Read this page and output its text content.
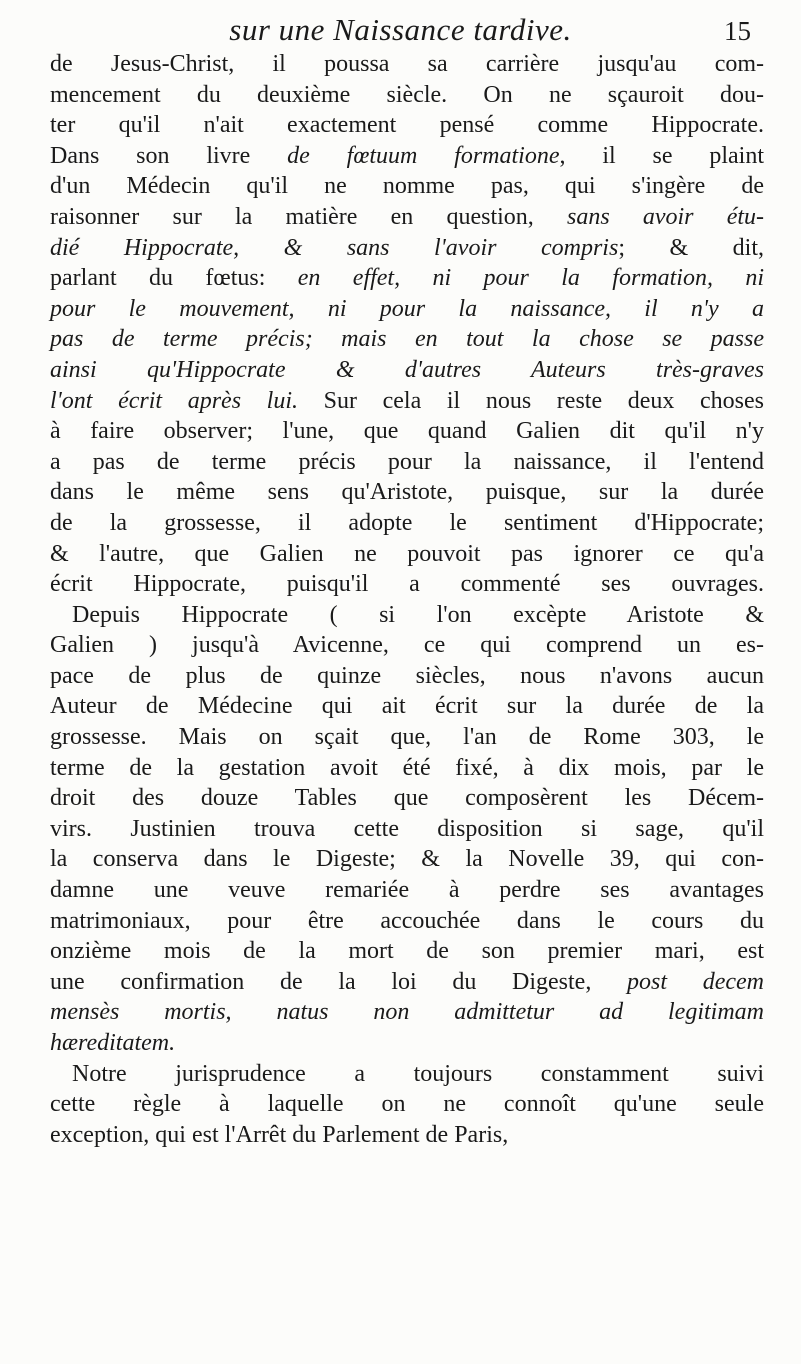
sur une Naissance tardive.	15
de Jesus-Christ, il poussa sa carrière jusqu'au com-
mencement du deuxième siècle. On ne sçauroit dou-
ter qu'il n'ait exactement pensé comme Hippocrate.
Dans son livre de fœtuum formatione, il se plaint
d'un Médecin qu'il ne nomme pas, qui s'ingère de
raisonner sur la matière en question, sans avoir étu-
dié Hippocrate, & sans l'avoir compris; & dit,
parlant du fœtus: en effet, ni pour la formation, ni
pour le mouvement, ni pour la naissance, il n'y a
pas de terme précis; mais en tout la chose se passe
ainsi qu'Hippocrate & d'autres Auteurs très-graves
l'ont écrit après lui. Sur cela il nous reste deux choses
à faire observer; l'une, que quand Galien dit qu'il n'y
a pas de terme précis pour la naissance, il l'entend
dans le même sens qu'Aristote, puisque, sur la durée
de la grossesse, il adopte le sentiment d'Hippocrate;
& l'autre, que Galien ne pouvoit pas ignorer ce qu'a
écrit Hippocrate, puisqu'il a commenté ses ouvrages.
Depuis Hippocrate ( si l'on excèpte Aristote &
Galien ) jusqu'à Avicenne, ce qui comprend un es-
pace de plus de quinze siècles, nous n'avons aucun
Auteur de Médecine qui ait écrit sur la durée de la
grossesse. Mais on sçait que, l'an de Rome 303, le
terme de la gestation avoit été fixé, à dix mois, par le
droit des douze Tables que composèrent les Décem-
virs. Justinien trouva cette disposition si sage, qu'il
la conserva dans le Digeste; & la Novelle 39, qui con-
damne une veuve remariée à perdre ses avantages
matrimoniaux, pour être accouchée dans le cours du
onzième mois de la mort de son premier mari, est
une confirmation de la loi du Digeste, post decem
mensès mortis, natus non admittetur ad legitimam
hæreditatem.
Notre jurisprudence a toujours constamment suivi
cette règle à laquelle on ne connoît qu'une seule
exception, qui est l'Arrêt du Parlement de Paris,
